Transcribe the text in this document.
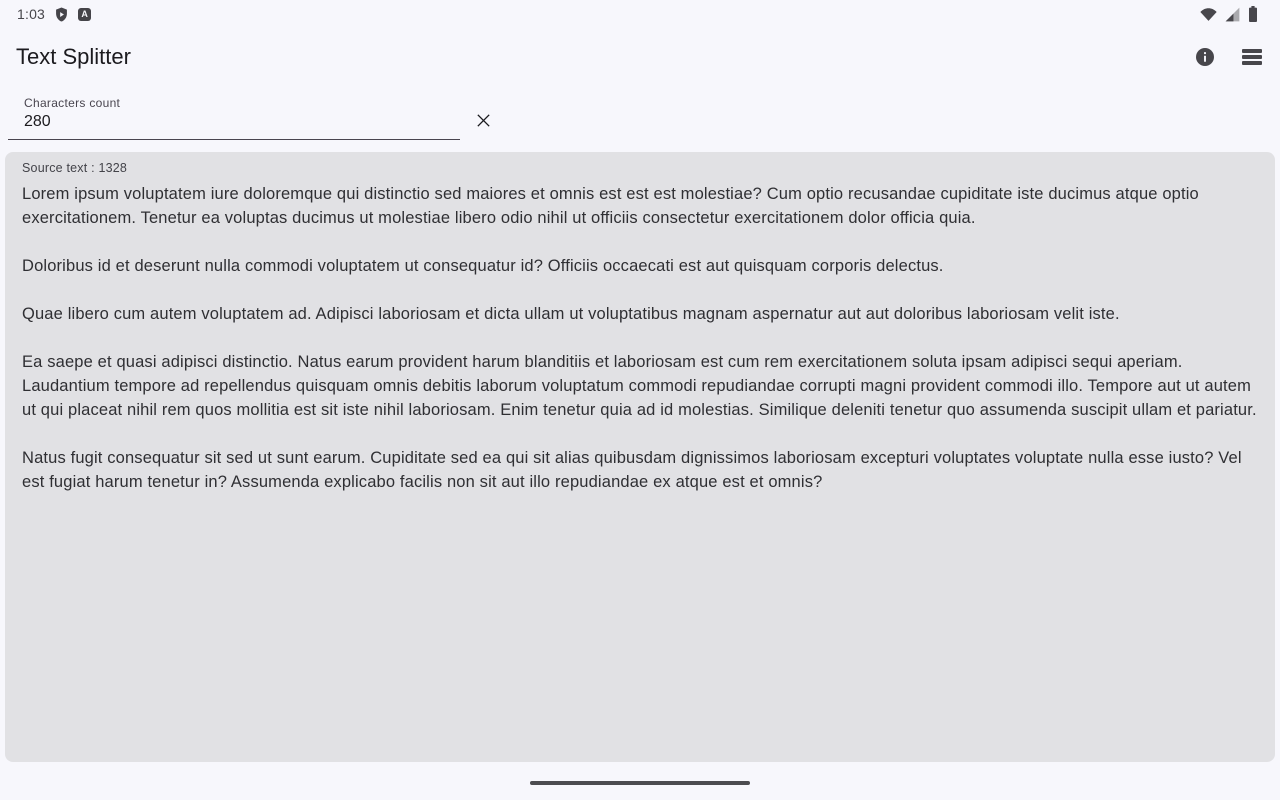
1:03	A
Text Splitter
Characters count
280
Source text : 1328

Lorem ipsum voluptatem iure doloremque qui distinctio sed maiores et omnis est est est molestiae? Cum optio recusandae cupiditate iste ducimus atque optio exercitationem. Tenetur ea voluptas ducimus ut molestiae libero odio nihil ut officiis consectetur exercitationem dolor officia quia.

Doloribus id et deserunt nulla commodi voluptatem ut consequatur id? Officiis occaecati est aut quisquam corporis delectus.

Quae libero cum autem voluptatem ad. Adipisci laboriosam et dicta ullam ut voluptatibus magnam aspernatur aut aut doloribus laboriosam velit iste.

Ea saepe et quasi adipisci distinctio. Natus earum provident harum blanditiis et laboriosam est cum rem exercitationem soluta ipsam adipisci sequi aperiam. Laudantium tempore ad repellendus quisquam omnis debitis laborum voluptatum commodi repudiandae corrupti magni provident commodi illo. Tempore aut ut autem ut qui placeat nihil rem quos mollitia est sit iste nihil laboriosam. Enim tenetur quia ad id molestias. Similique deleniti tenetur quo assumenda suscipit ullam et pariatur.

Natus fugit consequatur sit sed ut sunt earum. Cupiditate sed ea qui sit alias quibusdam dignissimos laboriosam excepturi voluptates voluptate nulla esse iusto? Vel est fugiat harum tenetur in? Assumenda explicabo facilis non sit aut illo repudiandae ex atque est et omnis?
